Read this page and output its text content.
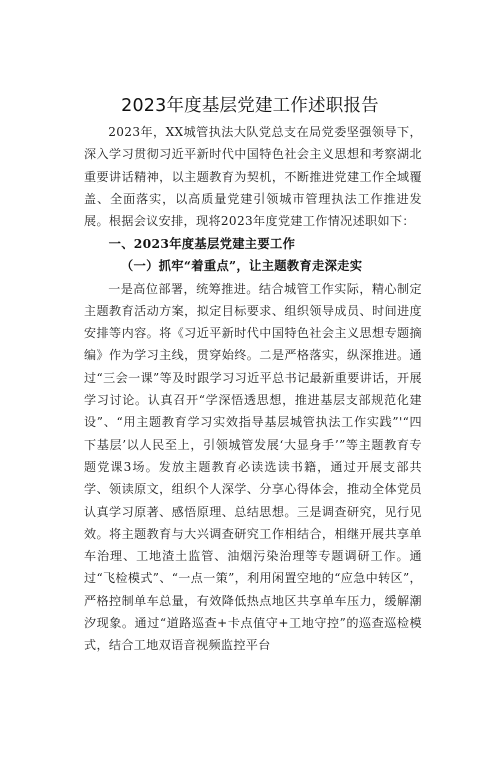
2023年度基层党建工作述职报告

2023年，XX城管执法大队党总支在局党委坚强领导下，深入学习贯彻习近平新时代中国特色社会主义思想和考察湖北重要讲话精神，以主题教育为契机，不断推进党建工作全域覆盖、全面落实，以高质量党建引领城市管理执法工作推进发展。根据会议安排，现将2023年度党建工作情况述职如下：

一、2023年度基层党建主要工作

（一）抓牢“着重点”，让主题教育走深走实

一是高位部署，统筹推进。结合城管工作实际，精心制定主题教育活动方案，拟定目标要求、组织领导成员、时间进度安排等内容。将《习近平新时代中国特色社会主义思想专题摘编》作为学习主线，贯穿始终。二是严格落实，纵深推进。通过“三会一课”等及时跟学习习近平总书记最新重要讲话，开展学习讨论。认真召开“学深悟透思想，推进基层支部规范化建设”、“用主题教育学习实效指导基层城管执法工作实践”'“四下基层’以人民至上，引领城管发展‘大显身手’”等主题教育专题党课3场。发放主题教育必读选读书籍，通过开展支部共学、领读原文，组织个人深学、分享心得体会，推动全体党员认真学习原著、感悟原理、总结思想。三是调查研究，见行见效。将主题教育与大兴调查研究工作相结合，相继开展共享单车治理、工地渣土监管、油烟污染治理等专题调研工作。通过“飞检模式”、“一点一策”，利用闲置空地的“应急中转区”，严格控制单车总量，有效降低热点地区共享单车压力，缓解潮汐现象。通过“道路巡查+卡点值守+工地守控”的巡查巡检模式，结合工地双语音视频监控平台
